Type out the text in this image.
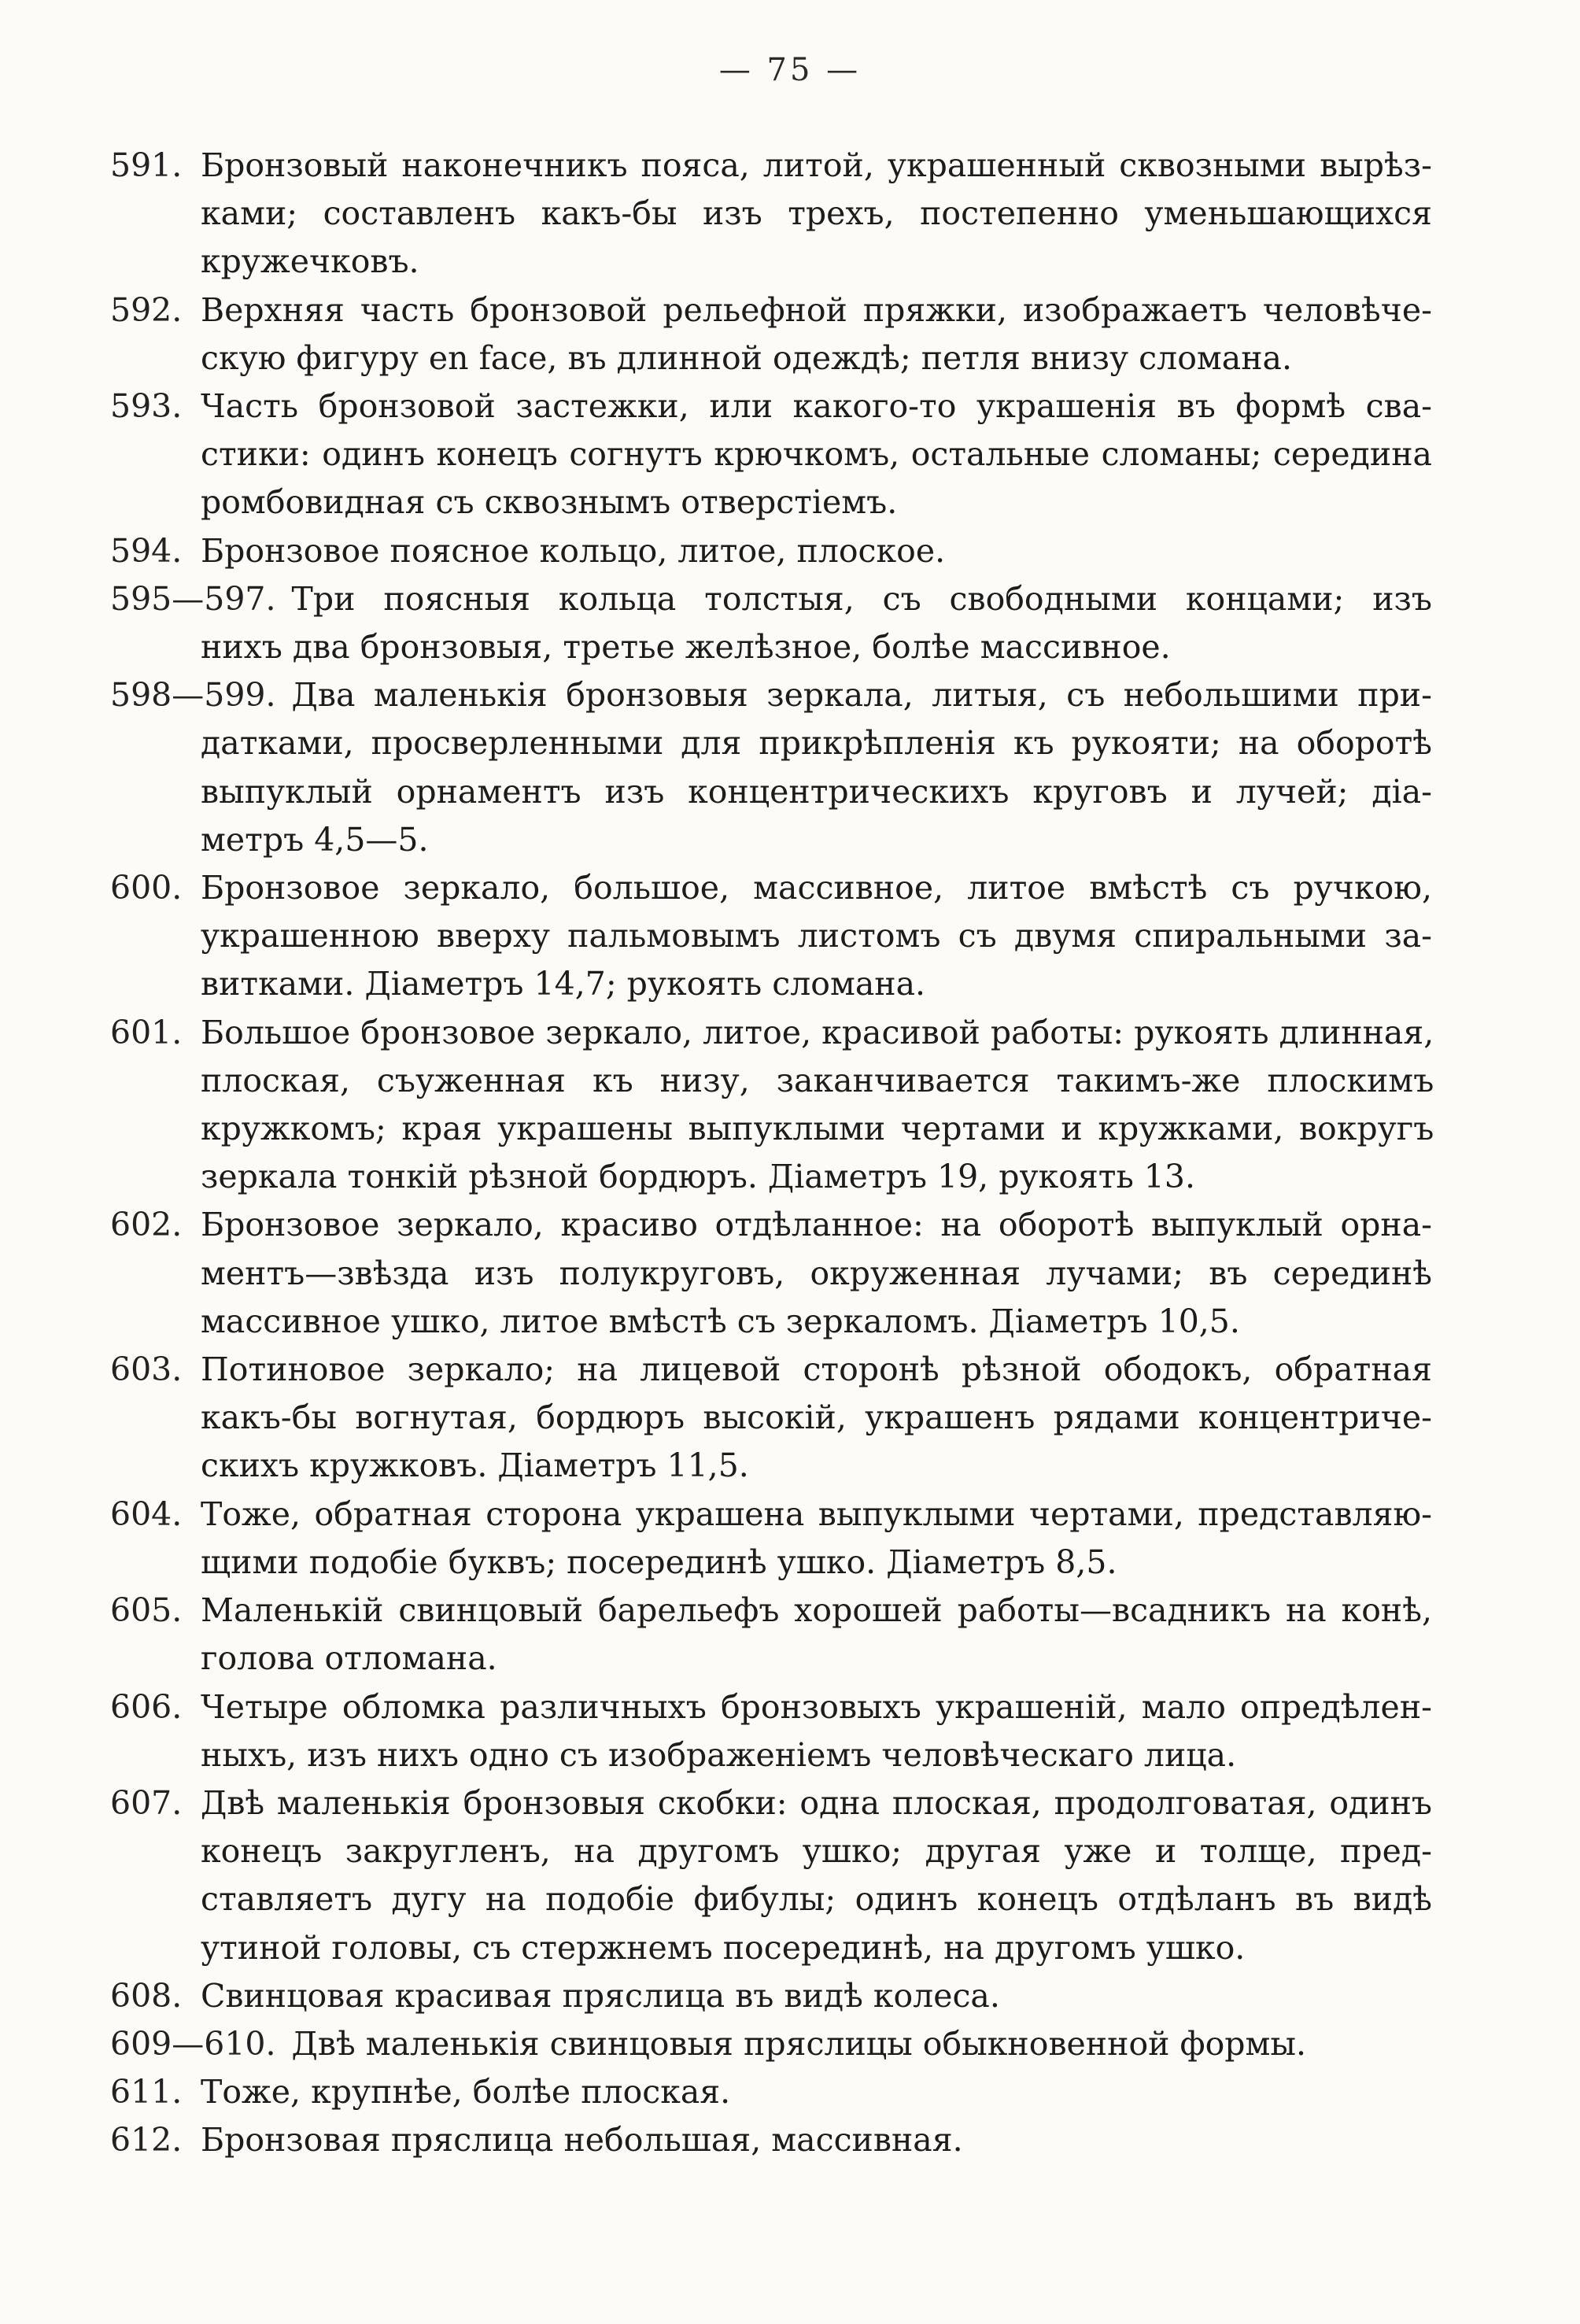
— 75 —
591. Бронзовый наконечникъ пояса, литой, украшенный сквозными вырѣз-
ками; составленъ какъ-бы изъ трехъ, постепенно уменьшающихся
кружечковъ.
592. Верхняя часть бронзовой рельефной пряжки, изображаетъ человѣче-
скую фигуру en face, въ длинной одеждѣ; петля внизу сломана.
593. Часть бронзовой застежки, или какого-то украшенія въ формѣ сва-
стики: одинъ конецъ согнутъ крючкомъ, остальные сломаны; середина
ромбовидная съ сквознымъ отверстіемъ.
594. Бронзовое поясное кольцо, литое, плоское.
595—597. Три поясныя кольца толстыя, съ свободными концами; изъ
нихъ два бронзовыя, третье желѣзное, болѣе массивное.
598—599. Два маленькія бронзовыя зеркала, литыя, съ небольшими при-
датками, просверленными для прикрѣпленія къ рукояти; на оборотѣ
выпуклый орнаментъ изъ концентрическихъ круговъ и лучей; діа-
метръ 4,5—5.
600. Бронзовое зеркало, большое, массивное, литое вмѣстѣ съ ручкою,
украшенною вверху пальмовымъ листомъ съ двумя спиральными за-
витками. Діаметръ 14,7; рукоять сломана.
601. Большое бронзовое зеркало, литое, красивой работы: рукоять длинная,
плоская, съуженная къ низу, заканчивается такимъ-же плоскимъ
кружкомъ; края украшены выпуклыми чертами и кружками, вокругъ
зеркала тонкій рѣзной бордюръ. Діаметръ 19, рукоять 13.
602. Бронзовое зеркало, красиво отдѣланное: на оборотѣ выпуклый орна-
ментъ—звѣзда изъ полукруговъ, окруженная лучами; въ серединѣ
массивное ушко, литое вмѣстѣ съ зеркаломъ. Діаметръ 10,5.
603. Потиновое зеркало; на лицевой сторонѣ рѣзной ободокъ, обратная
какъ-бы вогнутая, бордюръ высокій, украшенъ рядами концентриче-
скихъ кружковъ. Діаметръ 11,5.
604. Тоже, обратная сторона украшена выпуклыми чертами, представляю-
щими подобіе буквъ; посерединѣ ушко. Діаметръ 8,5.
605. Маленькій свинцовый барельефъ хорошей работы—всадникъ на конѣ,
голова отломана.
606. Четыре обломка различныхъ бронзовыхъ украшеній, мало опредѣлен-
ныхъ, изъ нихъ одно съ изображеніемъ человѣческаго лица.
607. Двѣ маленькія бронзовыя скобки: одна плоская, продолговатая, одинъ
конецъ закругленъ, на другомъ ушко; другая уже и толще, пред-
ставляетъ дугу на подобіе фибулы; одинъ конецъ отдѣланъ въ видѣ
утиной головы, съ стержнемъ посерединѣ, на другомъ ушко.
608. Свинцовая красивая пряслица въ видѣ колеса.
609—610. Двѣ маленькія свинцовыя пряслицы обыкновенной формы.
611. Тоже, крупнѣе, болѣе плоская.
612. Бронзовая пряслица небольшая, массивная.
